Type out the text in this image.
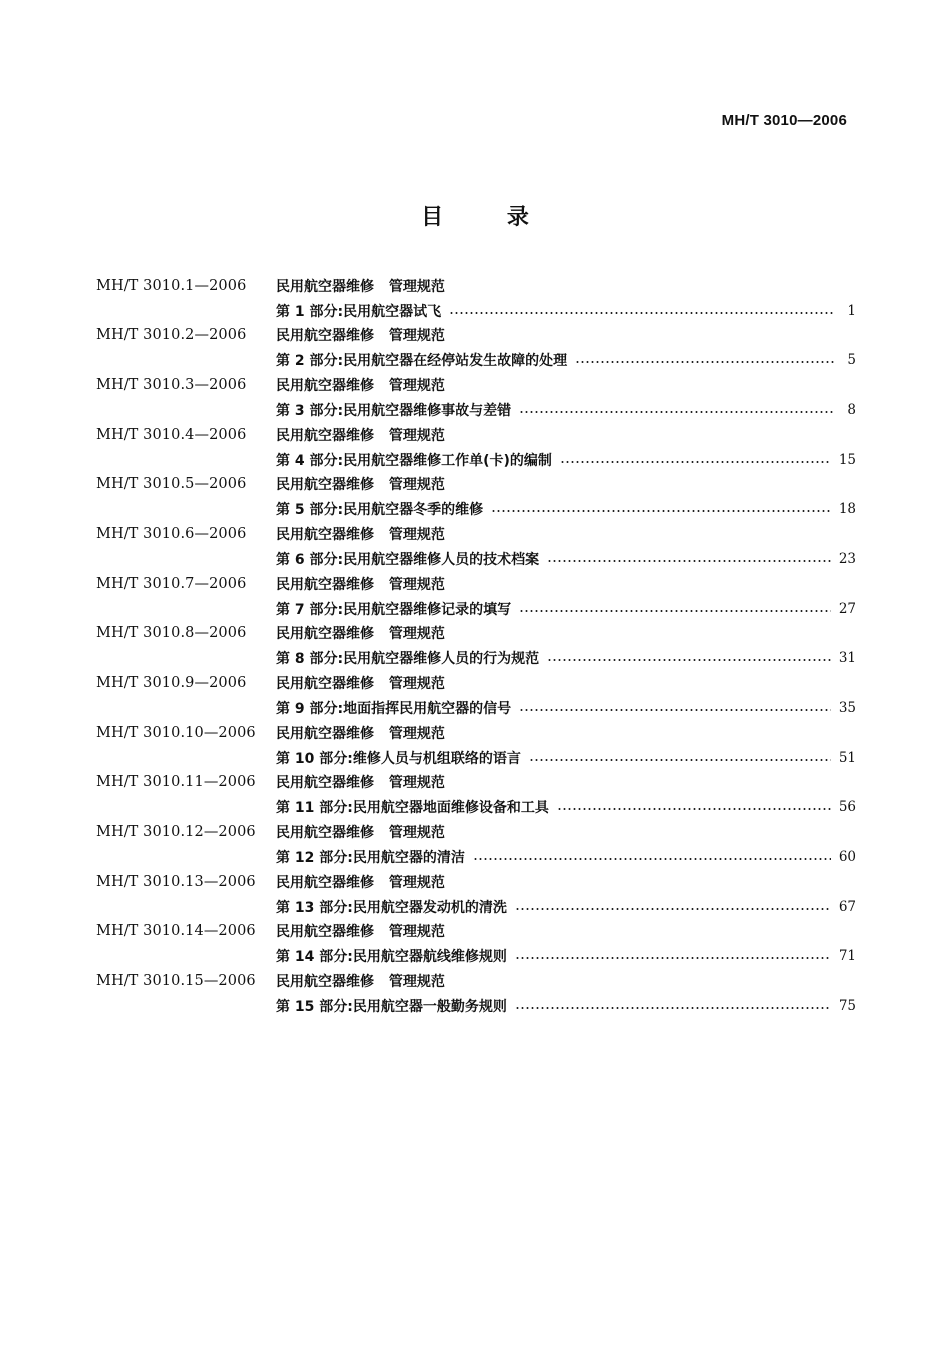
MH/T 3010—2006
目 录
MH/T 3010.1—2006	民用航空器维修 管理规范
第 1 部分:民用航空器试飞	1
MH/T 3010.2—2006	民用航空器维修 管理规范
第 2 部分:民用航空器在经停站发生故障的处理	5
MH/T 3010.3—2006	民用航空器维修 管理规范
第 3 部分:民用航空器维修事故与差错	8
MH/T 3010.4—2006	民用航空器维修 管理规范
第 4 部分:民用航空器维修工作单(卡)的编制	15
MH/T 3010.5—2006	民用航空器维修 管理规范
第 5 部分:民用航空器冬季的维修	18
MH/T 3010.6—2006	民用航空器维修 管理规范
第 6 部分:民用航空器维修人员的技术档案	23
MH/T 3010.7—2006	民用航空器维修 管理规范
第 7 部分:民用航空器维修记录的填写	27
MH/T 3010.8—2006	民用航空器维修 管理规范
第 8 部分:民用航空器维修人员的行为规范	31
MH/T 3010.9—2006	民用航空器维修 管理规范
第 9 部分:地面指挥民用航空器的信号	35
MH/T 3010.10—2006	民用航空器维修 管理规范
第 10 部分:维修人员与机组联络的语言	51
MH/T 3010.11—2006	民用航空器维修 管理规范
第 11 部分:民用航空器地面维修设备和工具	56
MH/T 3010.12—2006	民用航空器维修 管理规范
第 12 部分:民用航空器的清洁	60
MH/T 3010.13—2006	民用航空器维修 管理规范
第 13 部分:民用航空器发动机的清洗	67
MH/T 3010.14—2006	民用航空器维修 管理规范
第 14 部分:民用航空器航线维修规则	71
MH/T 3010.15—2006	民用航空器维修 管理规范
第 15 部分:民用航空器一般勤务规则	75
